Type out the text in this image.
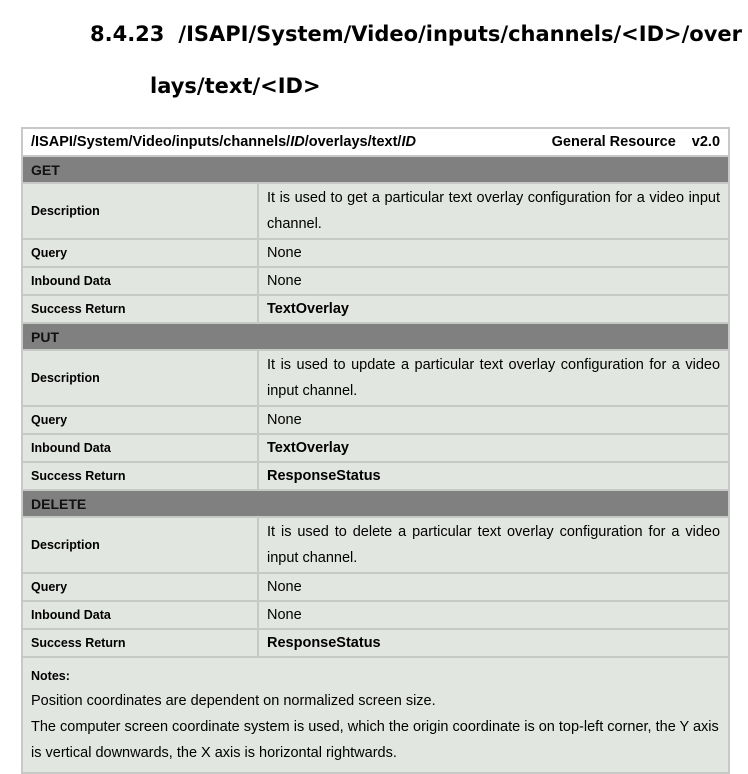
8.4.23 /ISAPI/System/Video/inputs/channels/<ID>/over
lays/text/<ID>
/ISAPI/System/Video/inputs/channels/ID/overlays/text/ID General Resource v2.0	

GET	
Description	It is used to get a particular text overlay configuration for a video input channel.
Query	None
Inbound Data	None
Success Return	TextOverlay
PUT	
Description	It is used to update a particular text overlay configuration for a video input channel.
Query	None
Inbound Data	TextOverlay
Success Return	ResponseStatus
DELETE	
Description	It is used to delete a particular text overlay configuration for a video input channel.
Query	None
Inbound Data	None
Success Return	ResponseStatus

Notes:
Position coordinates are dependent on normalized screen size.
The computer screen coordinate system is used, which the origin coordinate is on top-left corner, the Y axis is vertical downwards, the X axis is horizontal rightwards.	
